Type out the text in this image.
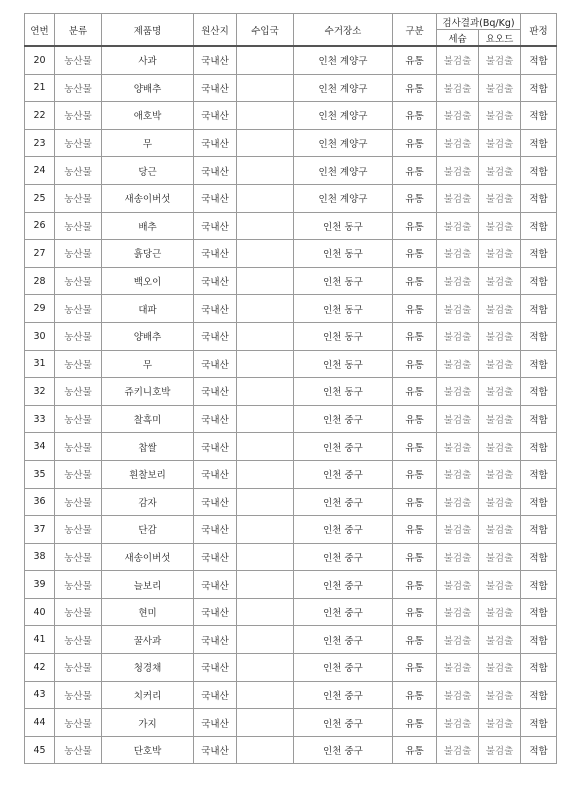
연번	분류	제품명	원산지	수입국	수거장소	구분	검사결과(Bq/Kg)		판정
							세슘	요오드	
20	농산물	사과	국내산		인천 계양구	유통	불검출	불검출	적합
21	농산물	양배추	국내산		인천 계양구	유통	불검출	불검출	적합
22	농산물	애호박	국내산		인천 계양구	유통	불검출	불검출	적합
23	농산물	무	국내산		인천 계양구	유통	불검출	불검출	적합
24	농산물	당근	국내산		인천 계양구	유통	불검출	불검출	적합
25	농산물	새송이버섯	국내산		인천 계양구	유통	불검출	불검출	적합
26	농산물	배추	국내산		인천 동구	유통	불검출	불검출	적합
27	농산물	흙당근	국내산		인천 동구	유통	불검출	불검출	적합
28	농산물	백오이	국내산		인천 동구	유통	불검출	불검출	적합
29	농산물	대파	국내산		인천 동구	유통	불검출	불검출	적합
30	농산물	양배추	국내산		인천 동구	유통	불검출	불검출	적합
31	농산물	무	국내산		인천 동구	유통	불검출	불검출	적합
32	농산물	쥬키니호박	국내산		인천 동구	유통	불검출	불검출	적합
33	농산물	찰흑미	국내산		인천 중구	유통	불검출	불검출	적합
34	농산물	찹쌀	국내산		인천 중구	유통	불검출	불검출	적합
35	농산물	흰찰보리	국내산		인천 중구	유통	불검출	불검출	적합
36	농산물	감자	국내산		인천 중구	유통	불검출	불검출	적합
37	농산물	단감	국내산		인천 중구	유통	불검출	불검출	적합
38	농산물	새송이버섯	국내산		인천 중구	유통	불검출	불검출	적합
39	농산물	늘보리	국내산		인천 중구	유통	불검출	불검출	적합
40	농산물	현미	국내산		인천 중구	유통	불검출	불검출	적합
41	농산물	꿀사과	국내산		인천 중구	유통	불검출	불검출	적합
42	농산물	청경채	국내산		인천 중구	유통	불검출	불검출	적합
43	농산물	치커리	국내산		인천 중구	유통	불검출	불검출	적합
44	농산물	가지	국내산		인천 중구	유통	불검출	불검출	적합
45	농산물	단호박	국내산		인천 중구	유통	불검출	불검출	적합
